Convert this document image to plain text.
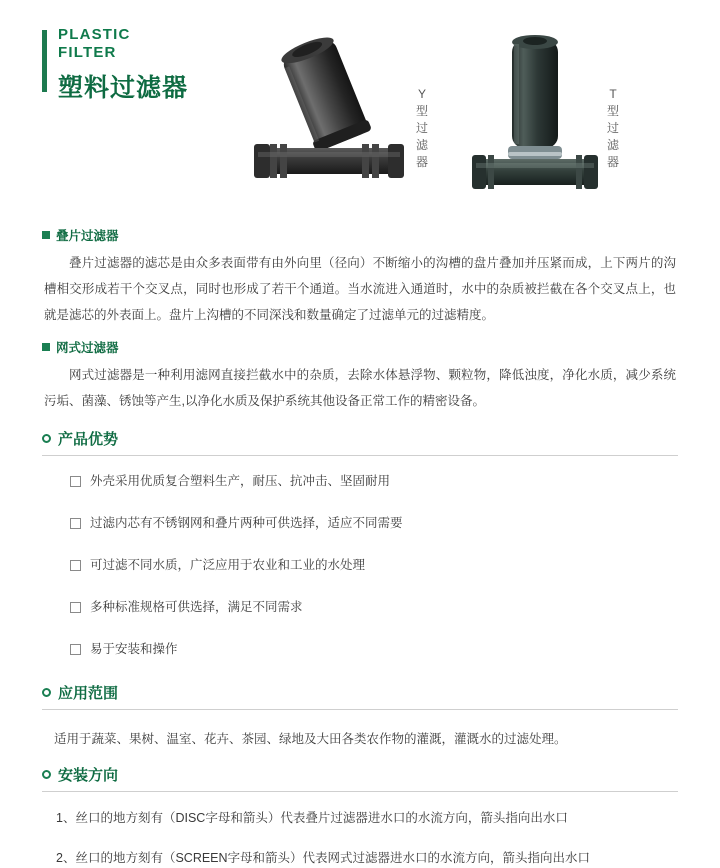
PLASTIC
FILTER
塑料过滤器	Y型过滤器
T型过滤器
叠片过滤器

叠片过滤器的滤芯是由众多表面带有由外向里（径向）不断缩小的沟槽的盘片叠加并压紧而成，上下两片的沟槽相交形成若干个交叉点，同时也形成了若干个通道。当水流进入通道时，水中的杂质被拦截在各个交叉点上，也就是滤芯的外表面上。盘片上沟槽的不同深浅和数量确定了过滤单元的过滤精度。

网式过滤器

网式过滤器是一种利用滤网直接拦截水中的杂质，去除水体悬浮物、颗粒物，降低浊度，净化水质，减少系统污垢、菌藻、锈蚀等产生,以净化水质及保护系统其他设备正常工作的精密设备。

产品优势
外壳采用优质复合塑料生产，耐压、抗冲击、坚固耐用
过滤内芯有不锈钢网和叠片两种可供选择，适应不同需要
可过滤不同水质，广泛应用于农业和工业的水处理
多种标准规格可供选择，满足不同需求
易于安装和操作
应用范围
适用于蔬菜、果树、温室、花卉、茶园、绿地及大田各类农作物的灌溉，灌溉水的过滤处理。
安装方向
1、丝口的地方刻有（DISC字母和箭头）代表叠片过滤器进水口的水流方向，箭头指向出水口
2、丝口的地方刻有（SCREEN字母和箭头）代表网式过滤器进水口的水流方向，箭头指向出水口
